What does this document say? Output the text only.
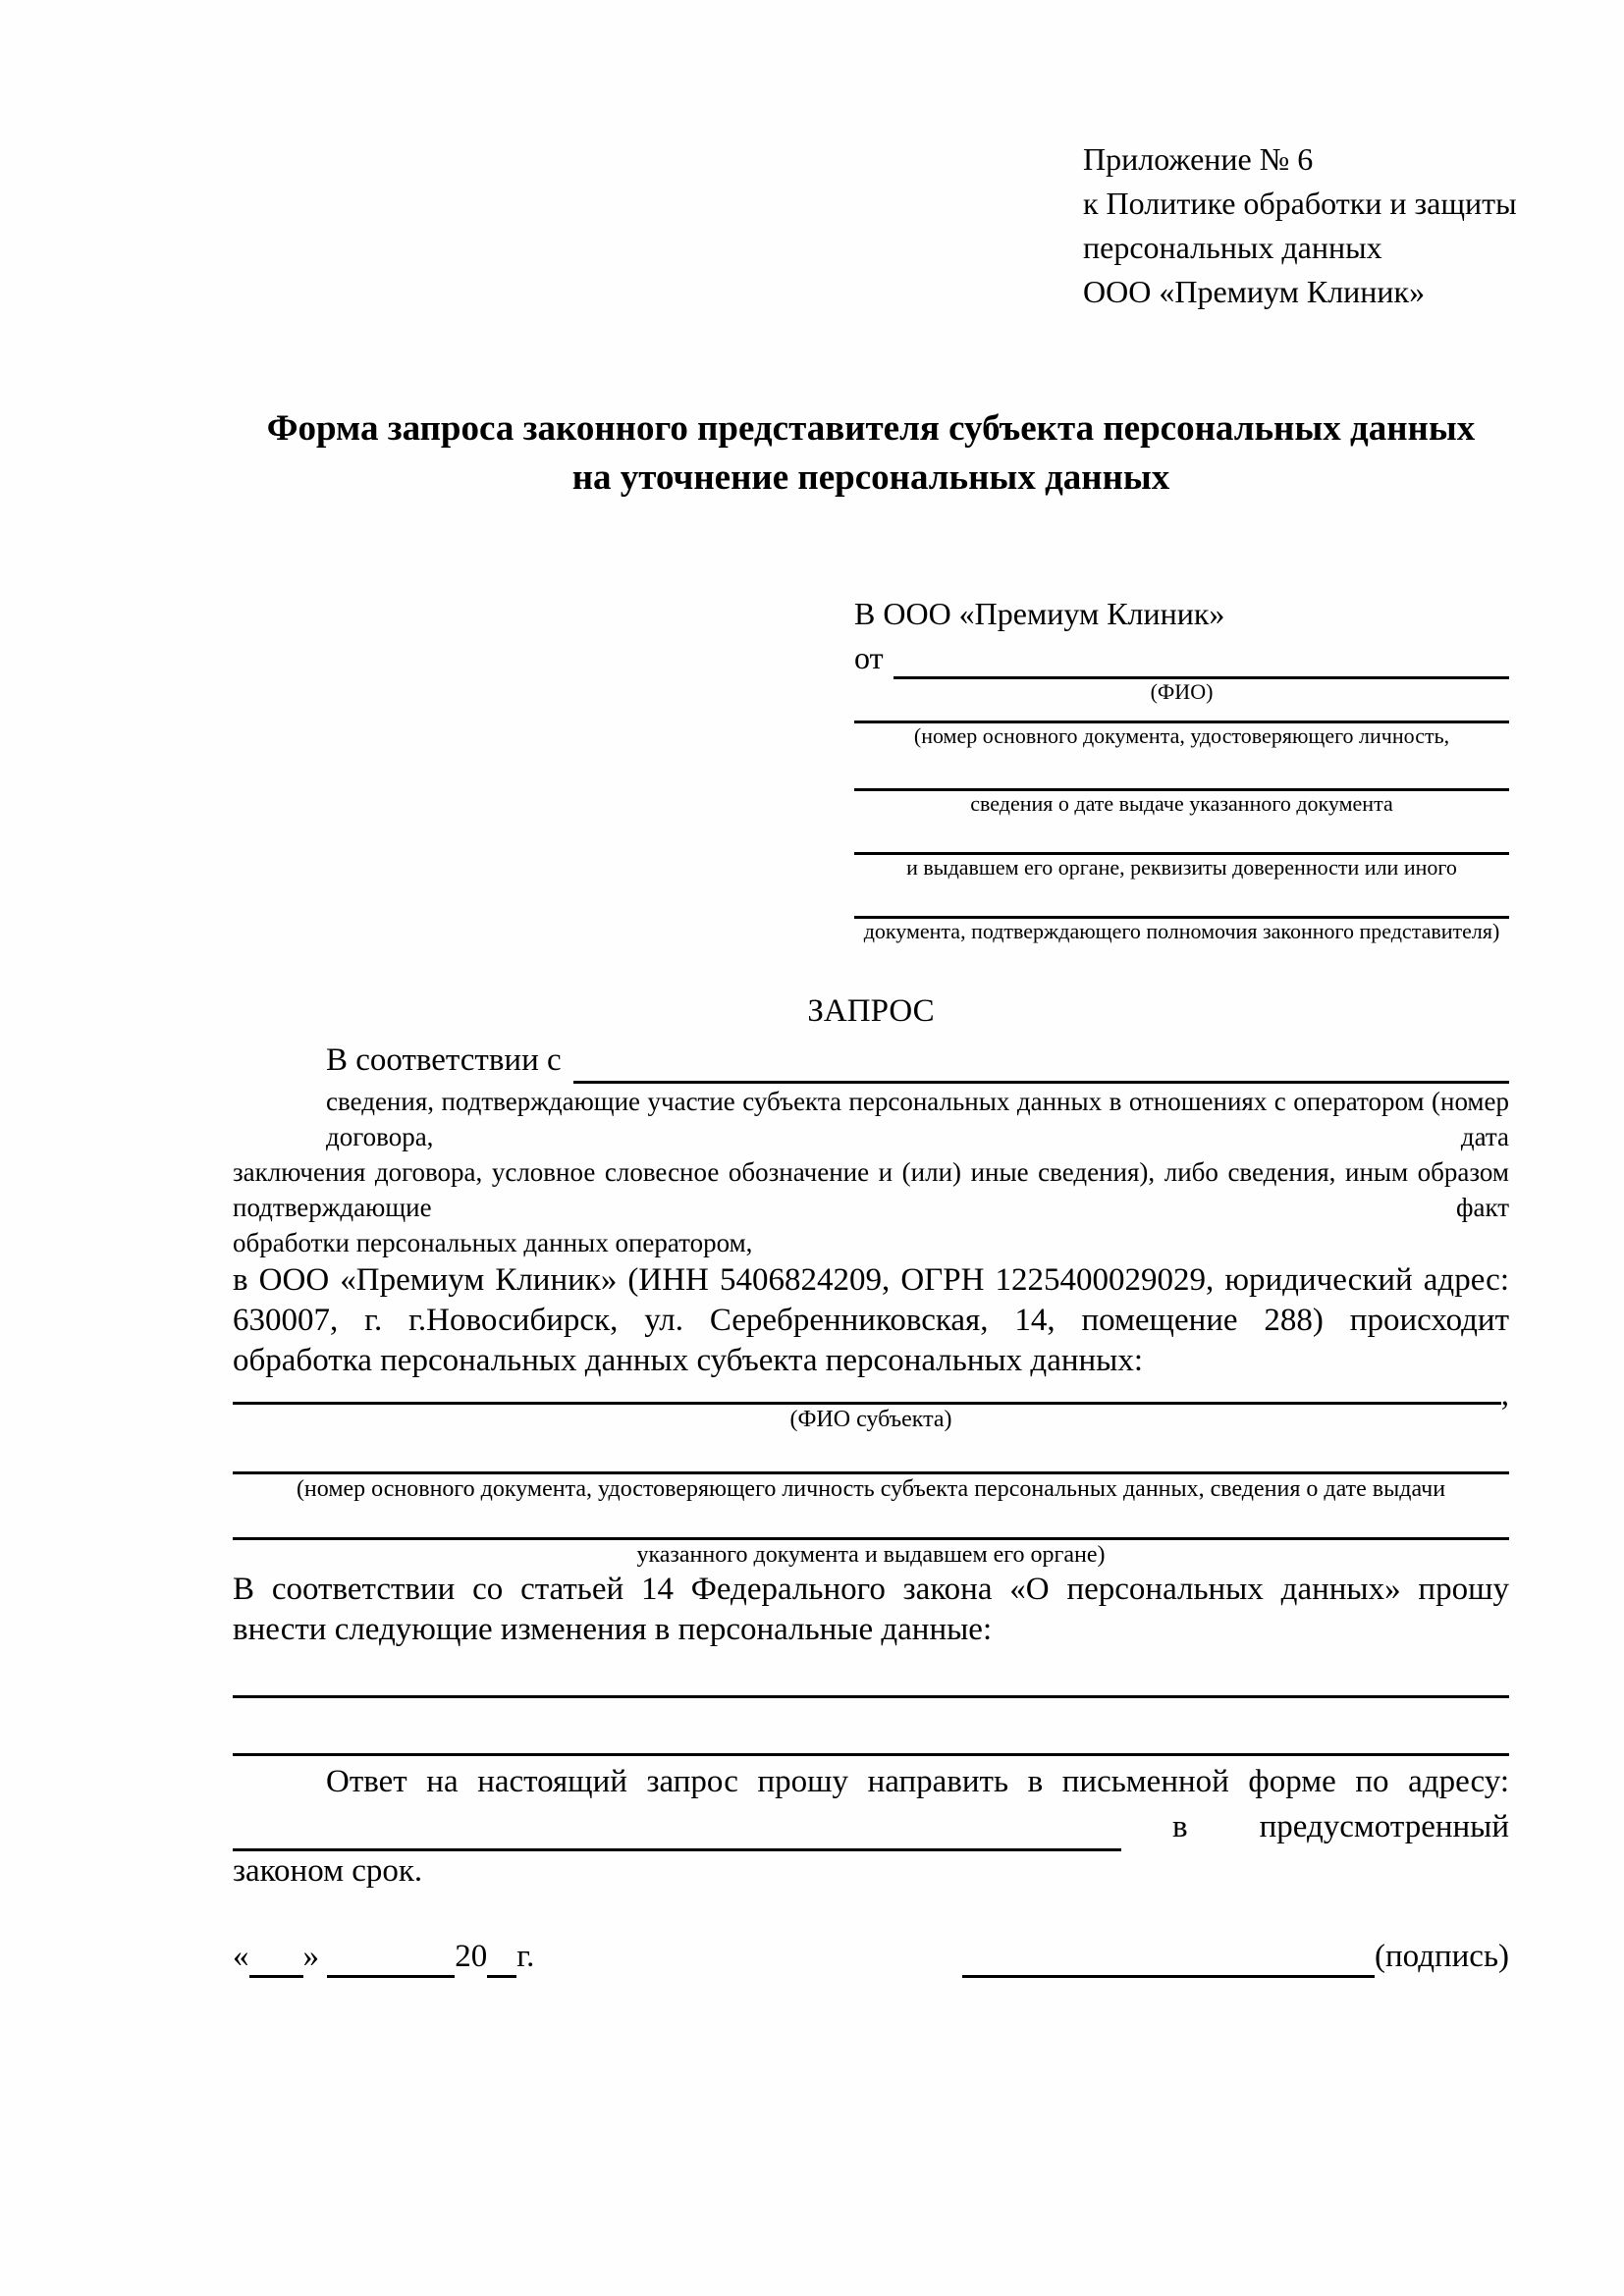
Приложение № 6
к Политике обработки и защиты
персональных данных
ООО «Премиум Клиник»
Форма запроса законного представителя субъекта персональных данных
на уточнение персональных данных
В ООО «Премиум Клиник»
от
(ФИО)
(номер основного документа, удостоверяющего личность,
сведения о дате выдаче указанного документа
и выдавшем его органе, реквизиты доверенности или иного
документа, подтверждающего полномочия законного представителя)
ЗАПРОС
В соответствии с
сведения, подтверждающие участие субъекта персональных данных в отношениях с оператором (номер договора, дата
заключения договора, условное словесное обозначение и (или) иные сведения), либо сведения, иным образом подтверждающие факт
обработки персональных данных оператором,
в ООО «Премиум Клиник» (ИНН 5406824209, ОГРН 1225400029029, юридический адрес:
630007, г. г.Новосибирск, ул. Серебренниковская, 14, помещение 288) происходит
обработка персональных данных субъекта персональных данных:
,
(ФИО субъекта)
(номер основного документа, удостоверяющего личность субъекта персональных данных, сведения о дате выдачи
указанного документа и выдавшем его органе)
В соответствии со статьей 14 Федерального закона «О персональных данных» прошу
внести следующие изменения в персональные данные:
Ответ на настоящий запрос прошу направить в письменной форме по адресу:
в предусмотренный
законом срок.
« »
	20 г.	(подпись)
